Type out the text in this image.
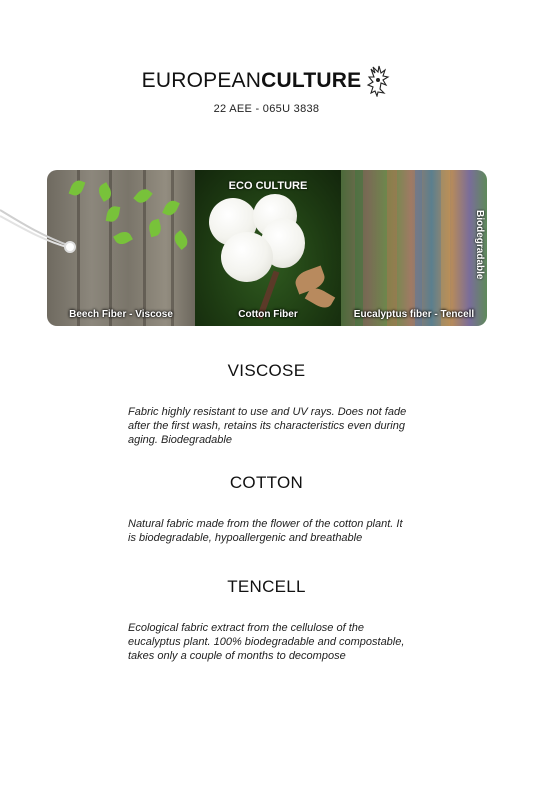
EUROPEANCULTURE
22 AEE - 065U 3838
Beech Fiber - Viscose
ECO CULTURE
Cotton Fiber
Biodegradable
Eucalyptus fiber - Tencell
VISCOSE
Fabric highly resistant to use and UV rays. Does not fade after the first wash, retains its characteristics even during aging. Biodegradable
COTTON
Natural fabric made from the flower of the cotton plant. It is biodegradable, hypoallergenic and breathable
TENCELL
Ecological fabric extract from the cellulose of the eucalyptus plant. 100% biodegradable and compostable, takes only a couple of months to decompose
